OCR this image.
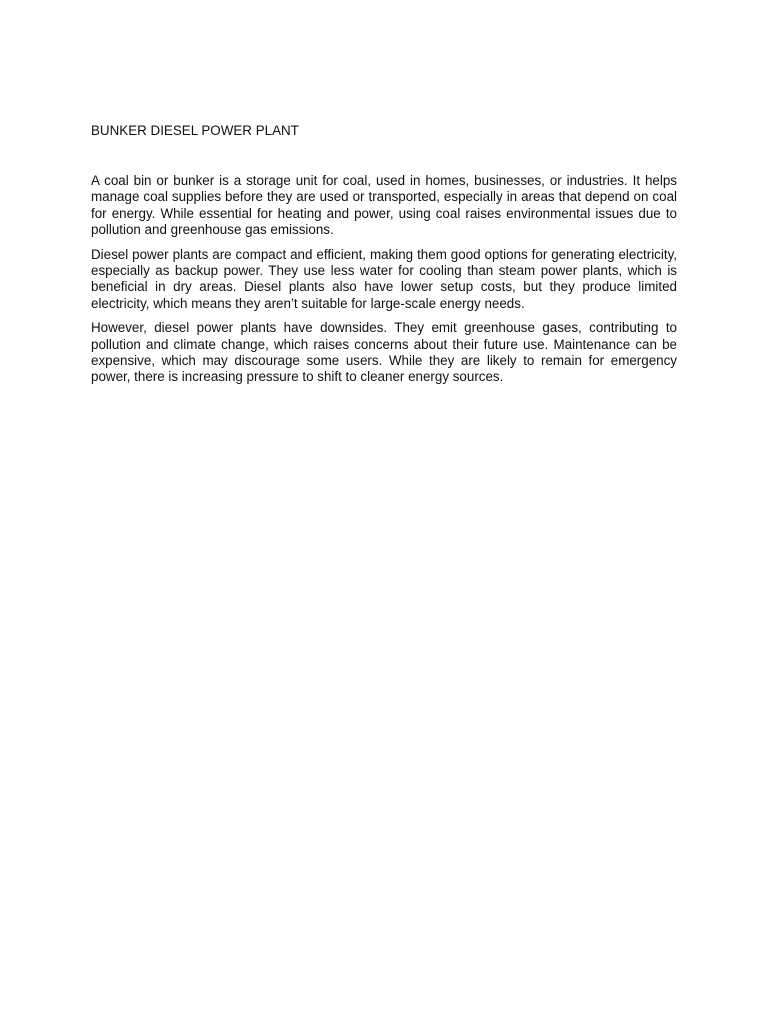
BUNKER DIESEL POWER PLANT

A coal bin or bunker is a storage unit for coal, used in homes, businesses, or industries. It helps manage coal supplies before they are used or transported, especially in areas that depend on coal for energy. While essential for heating and power, using coal raises environmental issues due to pollution and greenhouse gas emissions.

Diesel power plants are compact and efficient, making them good options for generating electricity, especially as backup power. They use less water for cooling than steam power plants, which is beneficial in dry areas. Diesel plants also have lower setup costs, but they produce limited electricity, which means they aren’t suitable for large-scale energy needs.

However, diesel power plants have downsides. They emit greenhouse gases, contributing to pollution and climate change, which raises concerns about their future use. Maintenance can be expensive, which may discourage some users. While they are likely to remain for emergency power, there is increasing pressure to shift to cleaner energy sources.
